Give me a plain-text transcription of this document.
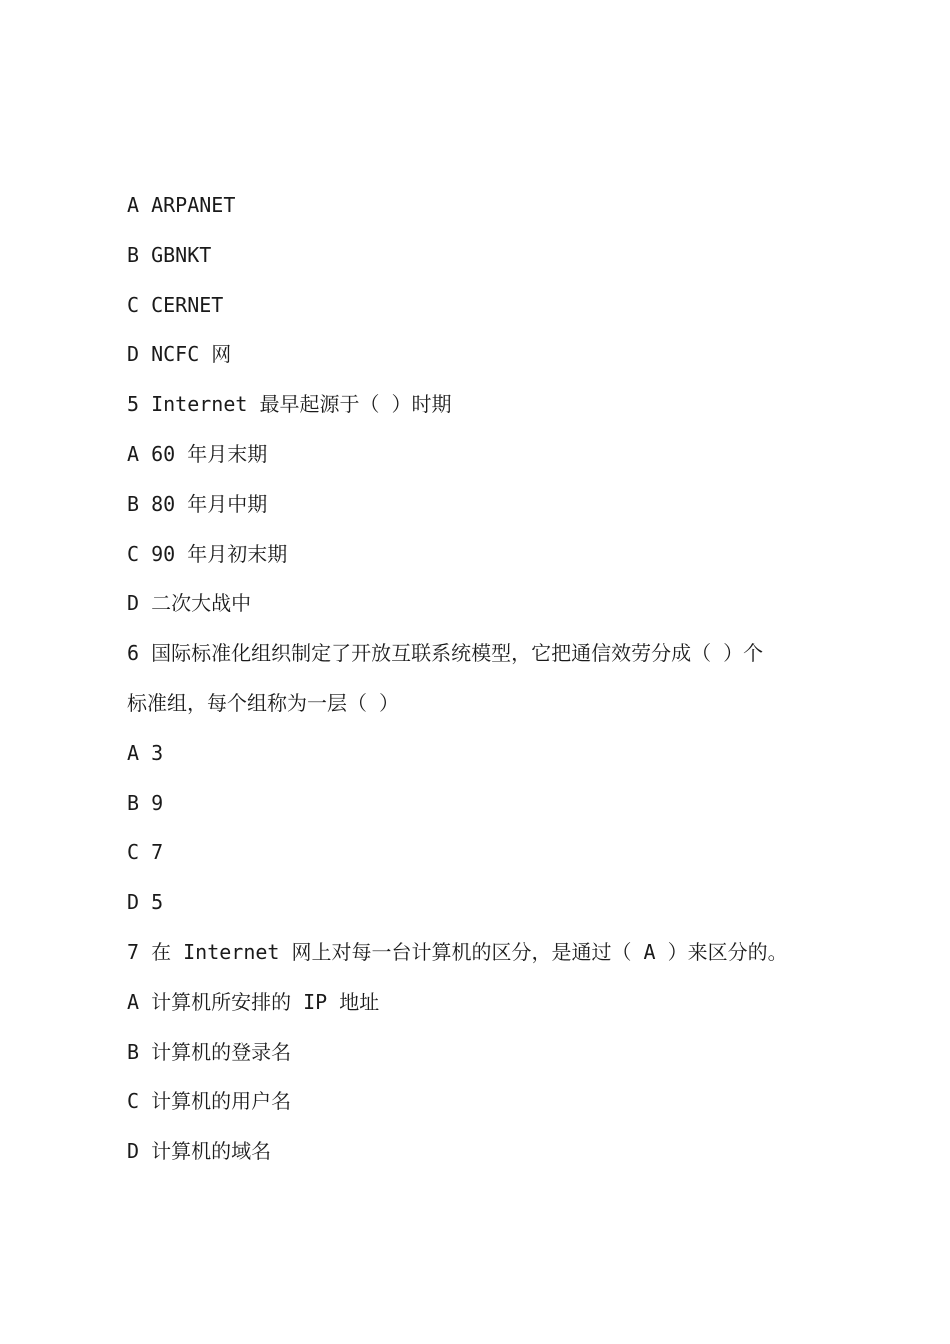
A ARPANET
B GBNKT
C CERNET
D NCFC 网
5 Internet 最早起源于（ ）时期
A 60 年月末期
B 80 年月中期
C 90 年月初末期
D 二次大战中
6 国际标准化组织制定了开放互联系统模型，它把通信效劳分成（ ）个
标准组，每个组称为一层（ ）
A 3
B 9
C 7
D 5
7 在 Internet 网上对每一台计算机的区分，是通过（ A ）来区分的。
A 计算机所安排的 IP 地址
B 计算机的登录名
C 计算机的用户名
D 计算机的域名
